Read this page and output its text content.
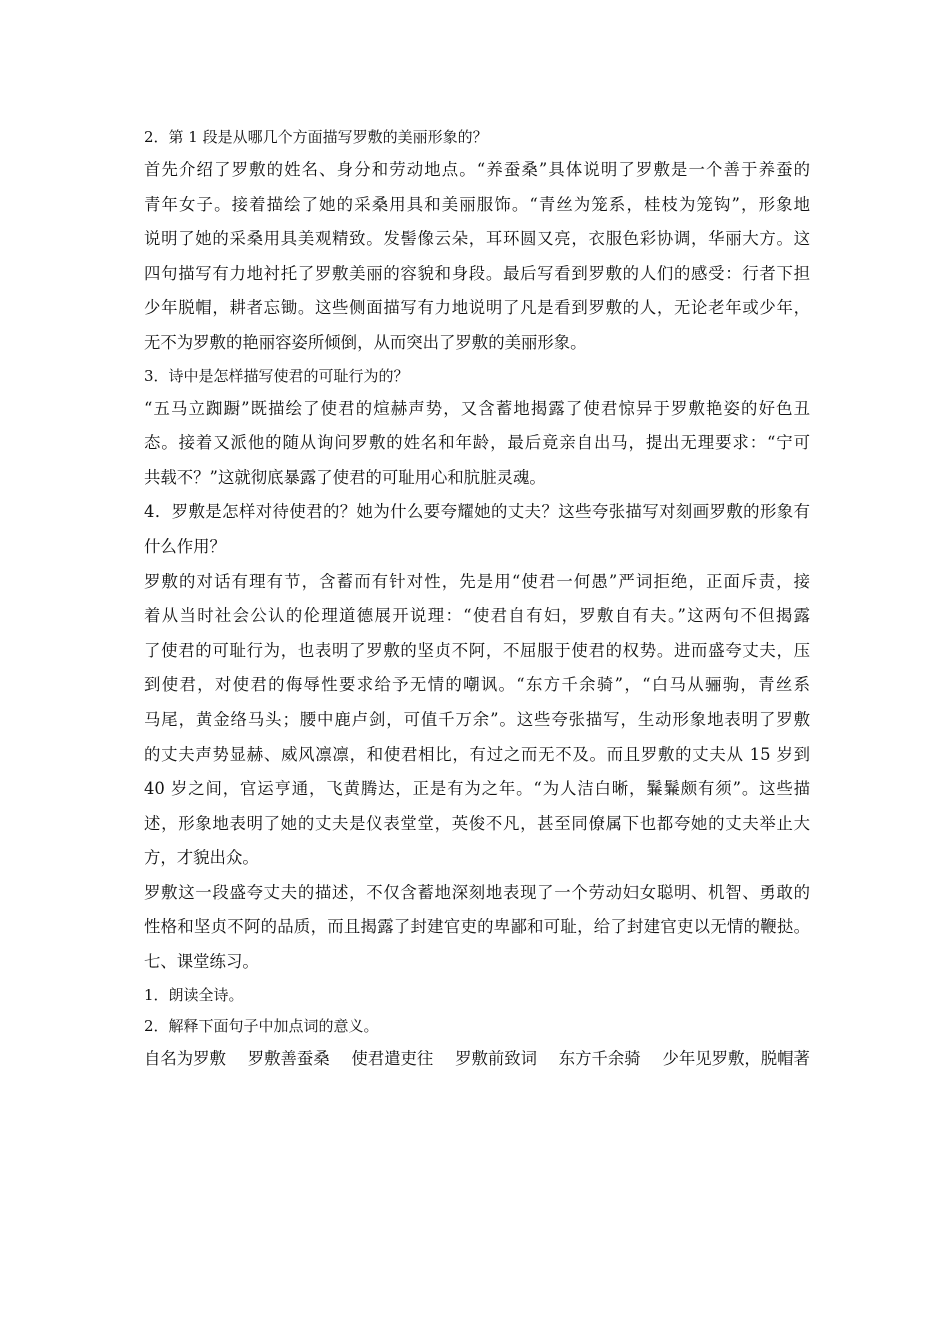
2．第 1 段是从哪几个方面描写罗敷的美丽形象的？
首先介绍了罗敷的姓名、身分和劳动地点。“养蚕桑”具体说明了罗敷是一个善于养蚕的
青年女子。接着描绘了她的采桑用具和美丽服饰。“青丝为笼系，桂枝为笼钩”，形象地
说明了她的采桑用具美观精致。发髻像云朵，耳环圆又亮，衣服色彩协调，华丽大方。这
四句描写有力地衬托了罗敷美丽的容貌和身段。最后写看到罗敷的人们的感受：行者下担
少年脱帽，耕者忘锄。这些侧面描写有力地说明了凡是看到罗敷的人，无论老年或少年，
无不为罗敷的艳丽容姿所倾倒，从而突出了罗敷的美丽形象。
3．诗中是怎样描写使君的可耻行为的？
“五马立踟蹰”既描绘了使君的煊赫声势，又含蓄地揭露了使君惊异于罗敷艳姿的好色丑
态。接着又派他的随从询问罗敷的姓名和年龄，最后竟亲自出马，提出无理要求：“宁可
共载不？”这就彻底暴露了使君的可耻用心和肮脏灵魂。
4．罗敷是怎样对待使君的？她为什么要夸耀她的丈夫？这些夸张描写对刻画罗敷的形象有
什么作用？
罗敷的对话有理有节，含蓄而有针对性，先是用“使君一何愚”严词拒绝，正面斥责，接
着从当时社会公认的伦理道德展开说理：“使君自有妇，罗敷自有夫。”这两句不但揭露
了使君的可耻行为，也表明了罗敷的坚贞不阿，不屈服于使君的权势。进而盛夸丈夫，压
到使君，对使君的侮辱性要求给予无情的嘲讽。“东方千余骑”，“白马从骊驹，青丝系
马尾，黄金络马头；腰中鹿卢剑，可值千万余”。这些夸张描写，生动形象地表明了罗敷
的丈夫声势显赫、威风凛凛，和使君相比，有过之而无不及。而且罗敷的丈夫从 15 岁到
40 岁之间，官运亨通，飞黄腾达，正是有为之年。“为人洁白晰，鬑鬑颇有须”。这些描
述，形象地表明了她的丈夫是仪表堂堂，英俊不凡，甚至同僚属下也都夸她的丈夫举止大
方，才貌出众。
罗敷这一段盛夸丈夫的描述，不仅含蓄地深刻地表现了一个劳动妇女聪明、机智、勇敢的
性格和坚贞不阿的品质，而且揭露了封建官吏的卑鄙和可耻，给了封建官吏以无情的鞭挞。
七、课堂练习。
1．朗读全诗。
2．解释下面句子中加点词的意义。
自名为罗敷 罗敷善蚕桑 使君遣吏往 罗敷前致词 东方千余骑 少年见罗敷，脱帽著
